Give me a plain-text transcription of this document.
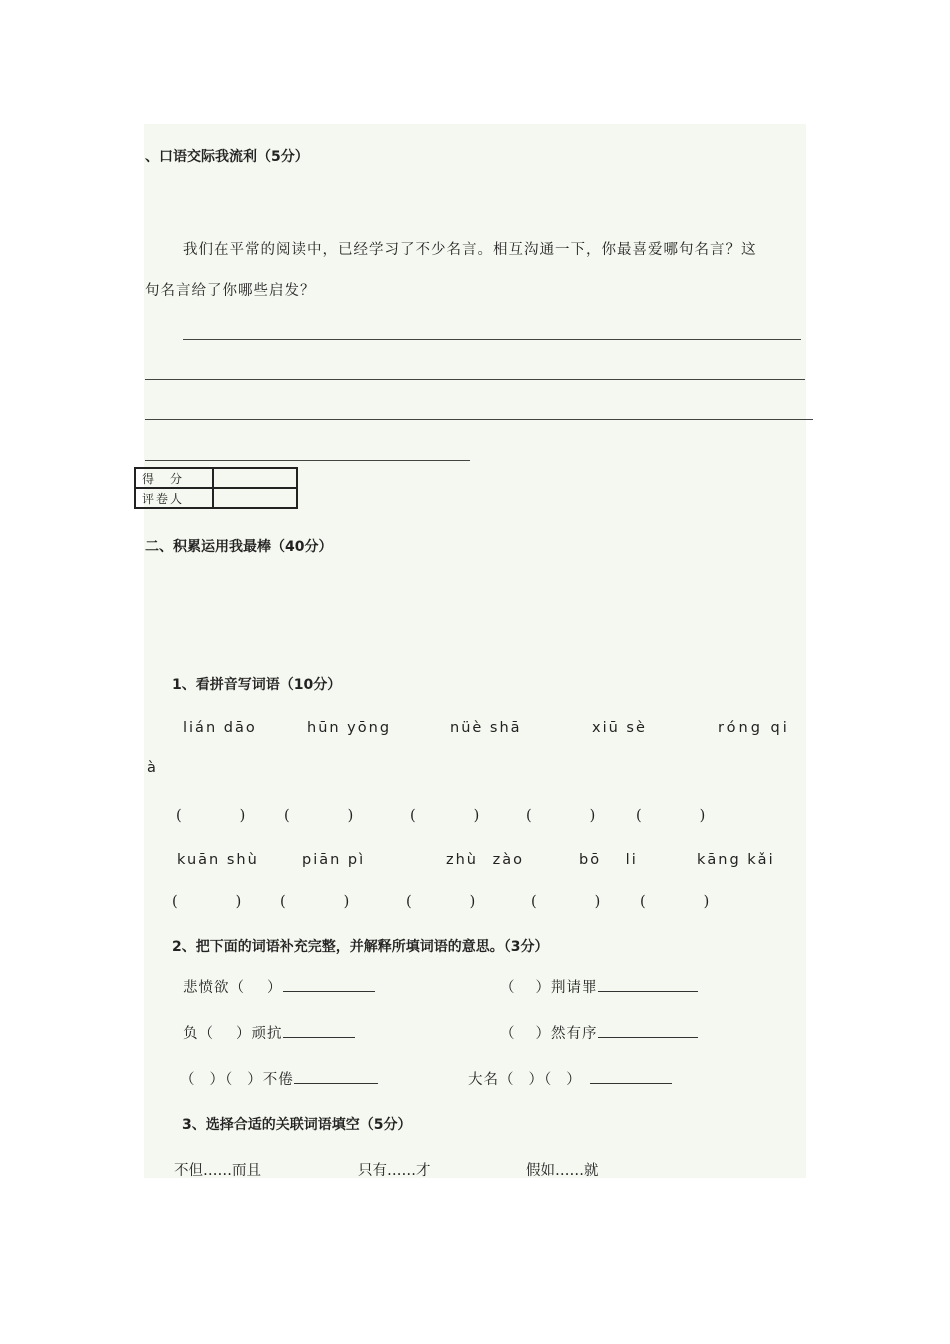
、口语交际我流利（5分）
我们在平常的阅读中，已经学习了不少名言。相互沟通一下，你最喜爱哪句名言？这
句名言给了你哪些启发？
得　分	
评卷人	
二、积累运用我最棒（40分）
1、看拼音写词语（10分）
lián dāo	hūn yōng	nüè shā	xiū sè	róng qi
à
(　　　　)	(　　　　)	(　　　　)	(　　　　)	(　　　　)
kuān shù	piān pì	zhù zào	bō li	kāng kǎi
(　　　　)	(　　　　)	(　　　　)	(　　　　)	(　　　　)
2、把下面的词语补充完整，并解释所填词语的意思。（3分）
悲愤欲（ ）	（ ）荆请罪
负（ ）顽抗	（ ）然有序
（ ）（ ）不倦	大名（ ）（ ）
3、选择合适的关联词语填空（5分）
不但……而且	只有……才	假如……就
